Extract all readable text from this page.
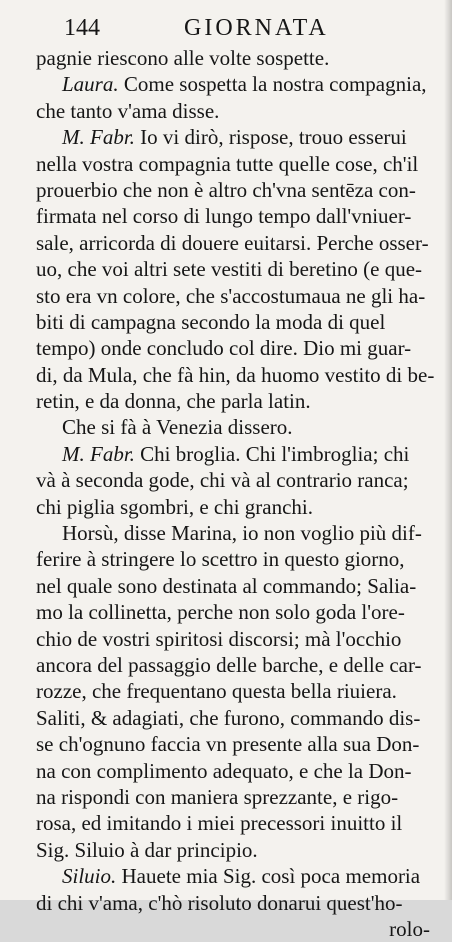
144	GIORNATA
pagnie riescono alle volte sospette.
Laura. Come sospetta la nostra compagnia,
che tanto v'ama disse.
M. Fabr. Io vi dirò, rispose, trouo esserui
nella vostra compagnia tutte quelle cose, ch'il
prouerbio che non è altro ch'vna sentēza con-
firmata nel corso di lungo tempo dall'vniuer-
sale, arricorda di douere euitarsi. Perche osser-
uo, che voi altri sete vestiti di beretino (e que-
sto era vn colore, che s'accostumaua ne gli ha-
biti di campagna secondo la moda di quel
tempo) onde concludo col dire. Dio mi guar-
di, da Mula, che fà hin, da huomo vestito di be-
retin, e da donna, che parla latin.
Che si fà à Venezia dissero.
M. Fabr. Chi broglia. Chi l'imbroglia; chi
và à seconda gode, chi và al contrario ranca;
chi piglia sgombri, e chi granchi.
Horsù, disse Marina, io non voglio più dif-
ferire à stringere lo scettro in questo giorno,
nel quale sono destinata al commando; Salia-
mo la collinetta, perche non solo goda l'ore-
chio de vostri spiritosi discorsi; mà l'occhio
ancora del passaggio delle barche, e delle car-
rozze, che frequentano questa bella riuiera.
Saliti, & adagiati, che furono, commando dis-
se ch'ognuno faccia vn presente alla sua Don-
na con complimento adequato, e che la Don-
na rispondi con maniera sprezzante, e rigo-
rosa, ed imitando i miei precessori inuitto il
Sig. Siluio à dar principio.
Siluio. Hauete mia Sig. così poca memoria
di chi v'ama, c'hò risoluto donarui quest'ho-
rolo-
